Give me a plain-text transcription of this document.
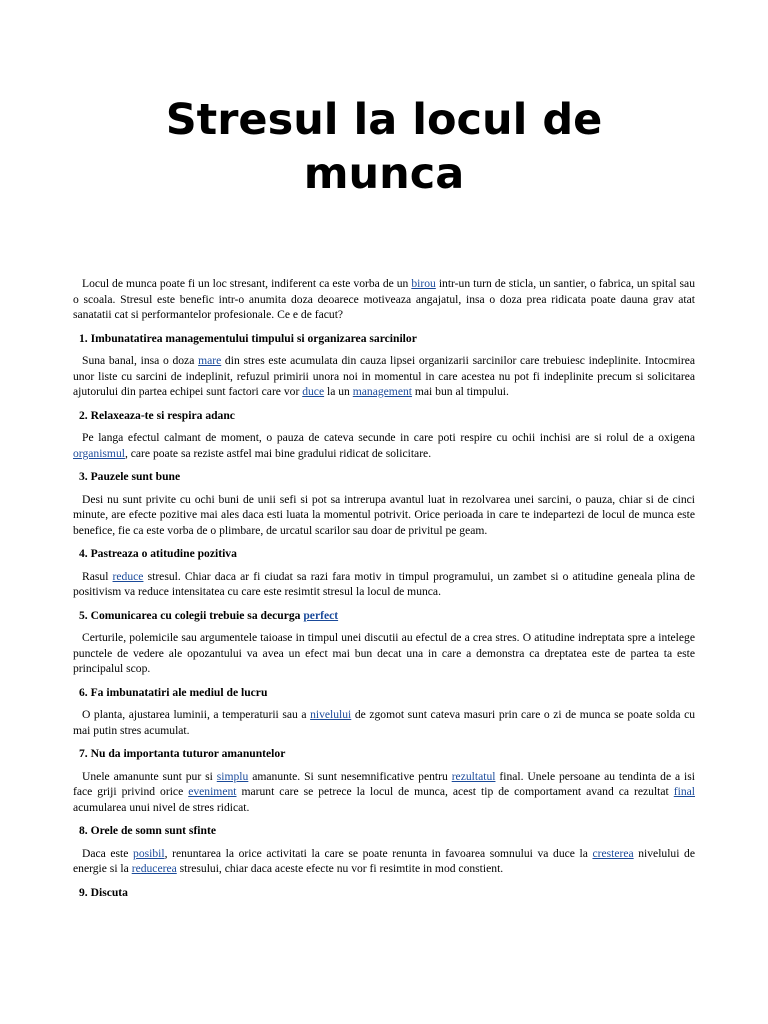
Stresul la locul de
munca

Locul de munca poate fi un loc stresant, indiferent ca este vorba de un birou intr-un turn de sticla, un santier, o fabrica, un spital sau o scoala. Stresul este benefic intr-o anumita doza deoarece motiveaza angajatul, insa o doza prea ridicata poate dauna grav atat sanatatii cat si performantelor profesionale. Ce e de facut?

1. Imbunatatirea managementului timpului si organizarea sarcinilor

Suna banal, insa o doza mare din stres este acumulata din cauza lipsei organizarii sarcinilor care trebuiesc indeplinite. Intocmirea unor liste cu sarcini de indeplinit, refuzul primirii unora noi in momentul in care acestea nu pot fi indeplinite precum si solicitarea ajutorului din partea echipei sunt factori care vor duce la un management mai bun al timpului.

2. Relaxeaza-te si respira adanc

Pe langa efectul calmant de moment, o pauza de cateva secunde in care poti respire cu ochii inchisi are si rolul de a oxigena organismul, care poate sa reziste astfel mai bine gradului ridicat de solicitare.

3. Pauzele sunt bune

Desi nu sunt privite cu ochi buni de unii sefi si pot sa intrerupa avantul luat in rezolvarea unei sarcini, o pauza, chiar si de cinci minute, are efecte pozitive mai ales daca esti luata la momentul potrivit. Orice perioada in care te indepartezi de locul de munca este benefice, fie ca este vorba de o plimbare, de urcatul scarilor sau doar de privitul pe geam.

4. Pastreaza o atitudine pozitiva

Rasul reduce stresul. Chiar daca ar fi ciudat sa razi fara motiv in timpul programului, un zambet si o atitudine geneala plina de positivism va reduce intensitatea cu care este resimtit stresul la locul de munca.

5. Comunicarea cu colegii trebuie sa decurga perfect

Certurile, polemicile sau argumentele taioase in timpul unei discutii au efectul de a crea stres. O atitudine indreptata spre a intelege punctele de vedere ale opozantului va avea un efect mai bun decat una in care a demonstra ca dreptatea este de partea ta este principalul scop.

6. Fa imbunatatiri ale mediul de lucru

O planta, ajustarea luminii, a temperaturii sau a nivelului de zgomot sunt cateva masuri prin care o zi de munca se poate solda cu mai putin stres acumulat.

7. Nu da importanta tuturor amanuntelor

Unele amanunte sunt pur si simplu amanunte. Si sunt nesemnificative pentru rezultatul final. Unele persoane au tendinta de a isi face griji privind orice eveniment marunt care se petrece la locul de munca, acest tip de comportament avand ca rezultat final acumularea unui nivel de stres ridicat.

8. Orele de somn sunt sfinte

Daca este posibil, renuntarea la orice activitati la care se poate renunta in favoarea somnului va duce la cresterea nivelului de energie si la reducerea stresului, chiar daca aceste efecte nu vor fi resimtite in mod constient.

9. Discuta
